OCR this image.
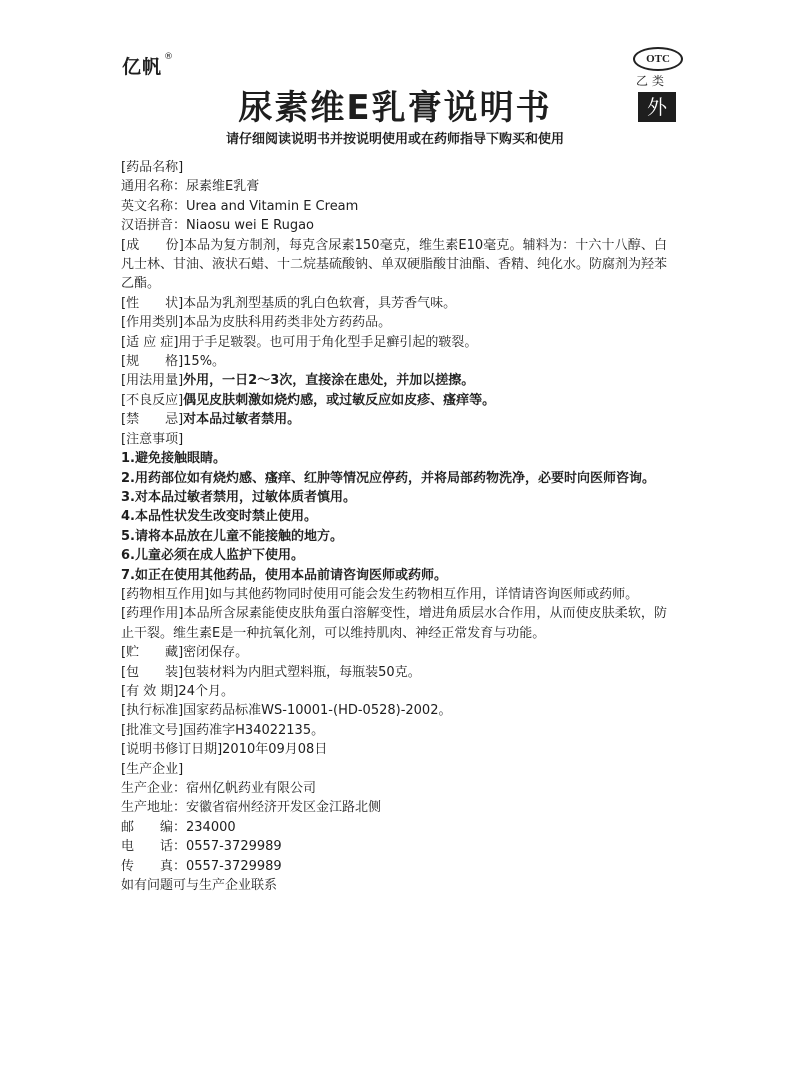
亿帆 ®	OTC
乙类
外
尿素维E乳膏说明书
请仔细阅读说明书并按说明使用或在药师指导下购买和使用
[药品名称]
通用名称：尿素维E乳膏
英文名称：Urea and Vitamin E Cream
汉语拼音：Niaosu wei E Rugao
[成　　份]本品为复方制剂，每克含尿素150毫克，维生素E10毫克。辅料为：十六十八醇、白凡士林、甘油、液状石蜡、十二烷基硫酸钠、单双硬脂酸甘油酯、香精、纯化水。防腐剂为羟苯乙酯。
[性　　状]本品为乳剂型基质的乳白色软膏，具芳香气味。
[作用类别]本品为皮肤科用药类非处方药药品。
[适 应 症]用于手足皲裂。也可用于角化型手足癣引起的皲裂。
[规　　格]15%。
[用法用量]外用，一日2～3次，直接涂在患处，并加以搓擦。
[不良反应]偶见皮肤刺激如烧灼感，或过敏反应如皮疹、瘙痒等。
[禁　　忌]对本品过敏者禁用。
[注意事项]
1.避免接触眼睛。
2.用药部位如有烧灼感、瘙痒、红肿等情况应停药，并将局部药物洗净，必要时向医师咨询。
3.对本品过敏者禁用，过敏体质者慎用。
4.本品性状发生改变时禁止使用。
5.请将本品放在儿童不能接触的地方。
6.儿童必须在成人监护下使用。
7.如正在使用其他药品，使用本品前请咨询医师或药师。
[药物相互作用]如与其他药物同时使用可能会发生药物相互作用，详情请咨询医师或药师。
[药理作用]本品所含尿素能使皮肤角蛋白溶解变性，增进角质层水合作用，从而使皮肤柔软，防止干裂。维生素E是一种抗氧化剂，可以维持肌肉、神经正常发育与功能。
[贮　　藏]密闭保存。
[包　　装]包装材料为内胆式塑料瓶，每瓶装50克。
[有 效 期]24个月。
[执行标准]国家药品标准WS-10001-(HD-0528)-2002。
[批准文号]国药准字H34022135。
[说明书修订日期]2010年09月08日
[生产企业]
生产企业：宿州亿帆药业有限公司
生产地址：安徽省宿州经济开发区金江路北侧
邮　　编：234000
电　　话：0557-3729989
传　　真：0557-3729989
如有问题可与生产企业联系
